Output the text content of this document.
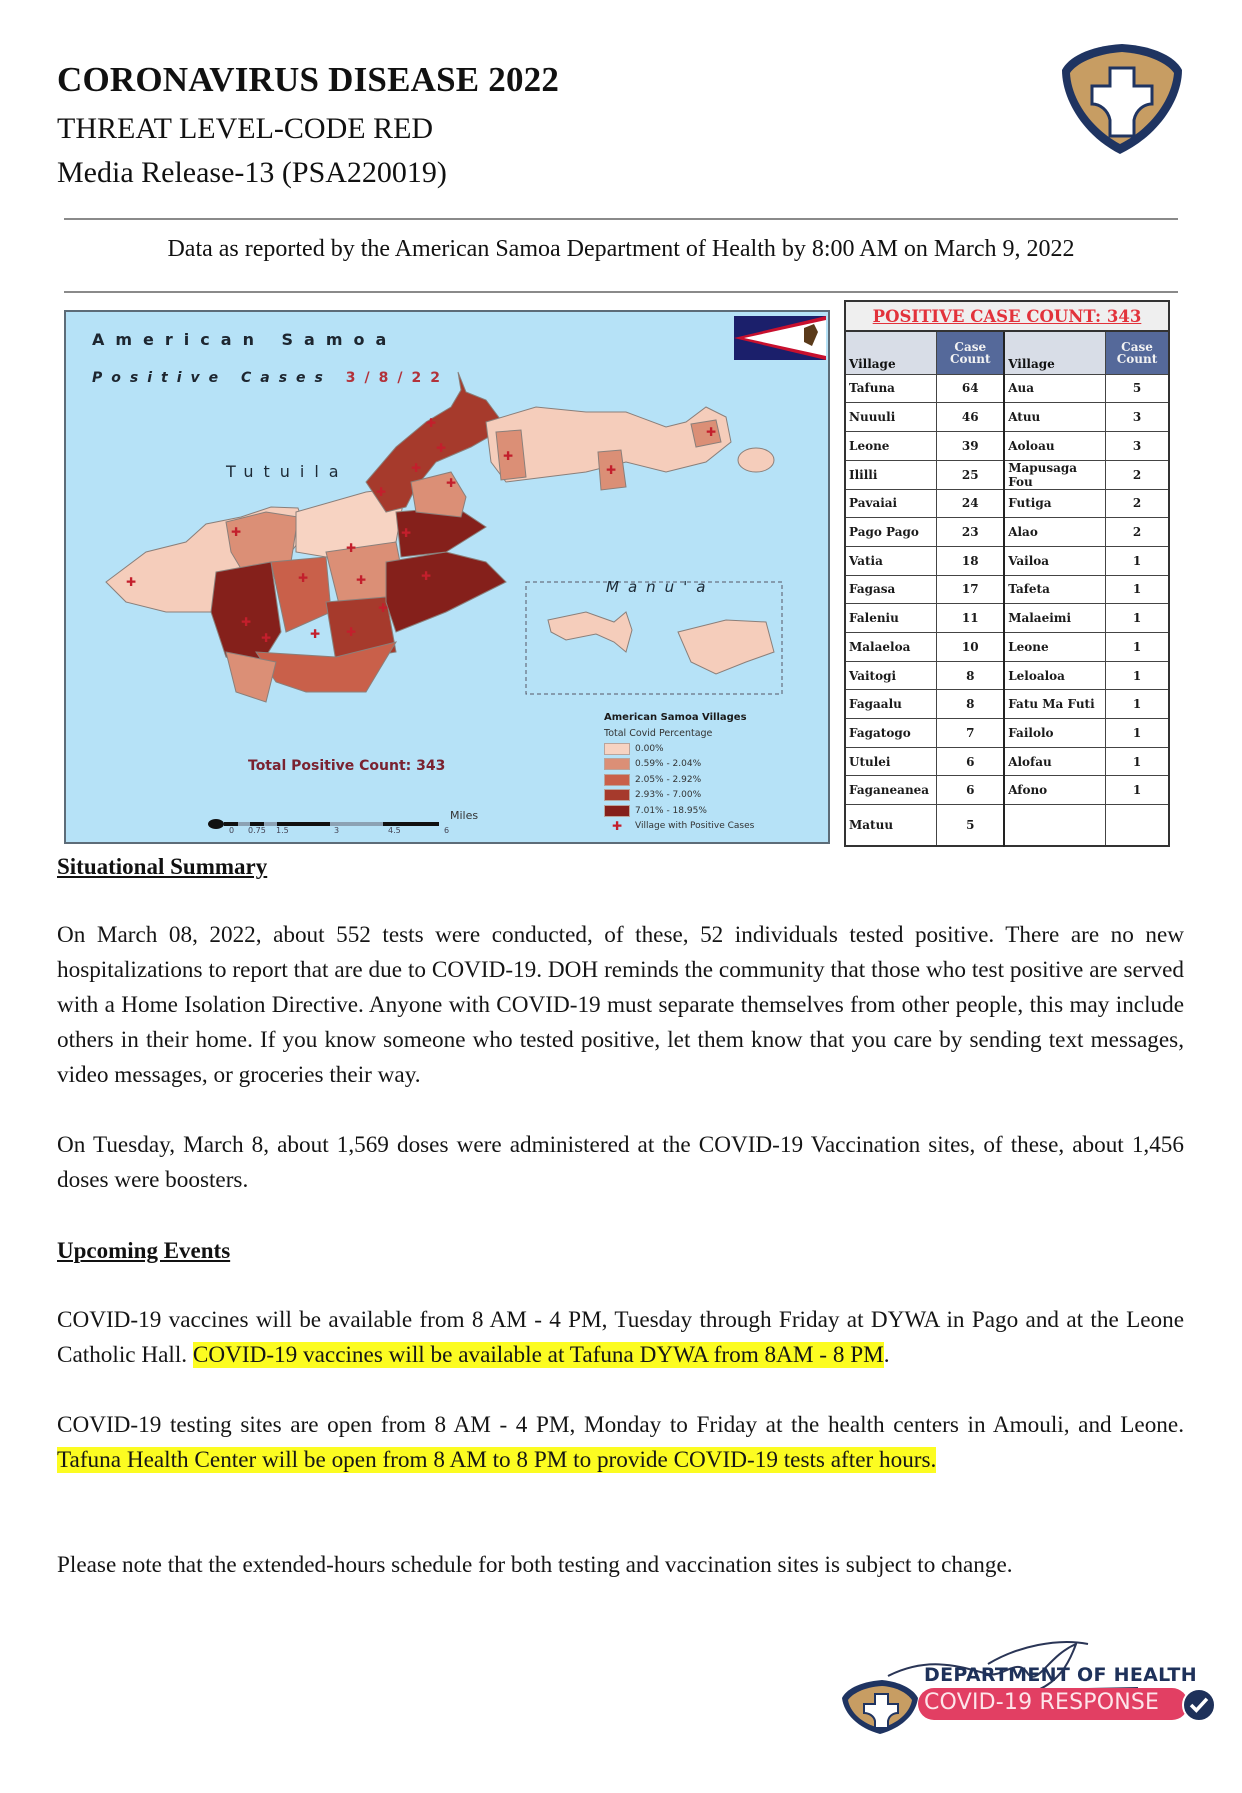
CORONAVIRUS DISEASE 2022
THREAT LEVEL-CODE RED
Media Release-13 (PSA220019)
Data as reported by the American Samoa Department of Health by 8:00 AM on March 9, 2022
✚
✚
✚
✚
✚
✚
✚
✚
✚
✚
✚
✚	✚	✚
✚
✚
✚ ✚
✚
✚
American Samoa
Positive Cases 3/8/22
Tutuila
Manu'a
Total Positive Count: 343
Miles
0 0.75 1.5	3	4.5	6
American Samoa Villages
Total Covid Percentage
0.00%
0.59% - 2.04%
2.05% - 2.92%
2.93% - 7.00%
7.01% - 18.95%
✚	Village with Positive Cases
POSITIVE CASE COUNT: 343			
Village	Case Count	Village	Case Count
Tafuna	64	Aua	5
Nuuuli	46	Atuu	3
Leone	39	Aoloau	3
Ililli	25	Mapusaga Fou	2
Pavaiai	24	Futiga	2
Pago Pago	23	Alao	2
Vatia	18	Vailoa	1
Fagasa	17	Tafeta	1
Faleniu	11	Malaeimi	1
Malaeloa	10	Leone	1
Vaitogi	8	Leloaloa	1
Fagaalu	8	Fatu Ma Futi	1
Fagatogo	7	Failolo	1
Utulei	6	Alofau	1
Faganeanea	6	Afono	1
Matuu	5		
Situational Summary
On March 08, 2022, about 552 tests were conducted, of these, 52 individuals tested positive. There are no new hospitalizations to report that are due to COVID-19. DOH reminds the community that those who test positive are served with a Home Isolation Directive. Anyone with COVID-19 must separate themselves from other people, this may include others in their home. If you know someone who tested positive, let them know that you care by sending text messages, video messages, or groceries their way.
On Tuesday, March 8, about 1,569 doses were administered at the COVID-19 Vaccination sites, of these, about 1,456 doses were boosters.
Upcoming Events
COVID-19 vaccines will be available from 8 AM - 4 PM, Tuesday through Friday at DYWA in Pago and at the Leone Catholic Hall. COVID-19 vaccines will be available at Tafuna DYWA from 8AM - 8 PM.
COVID-19 testing sites are open from 8 AM - 4 PM, Monday to Friday at the health centers in Amouli, and Leone. Tafuna Health Center will be open from 8 AM to 8 PM to provide COVID-19 tests after hours.
Please note that the extended-hours schedule for both testing and vaccination sites is subject to change.
DEPARTMENT OF HEALTH
COVID-19 RESPONSE
